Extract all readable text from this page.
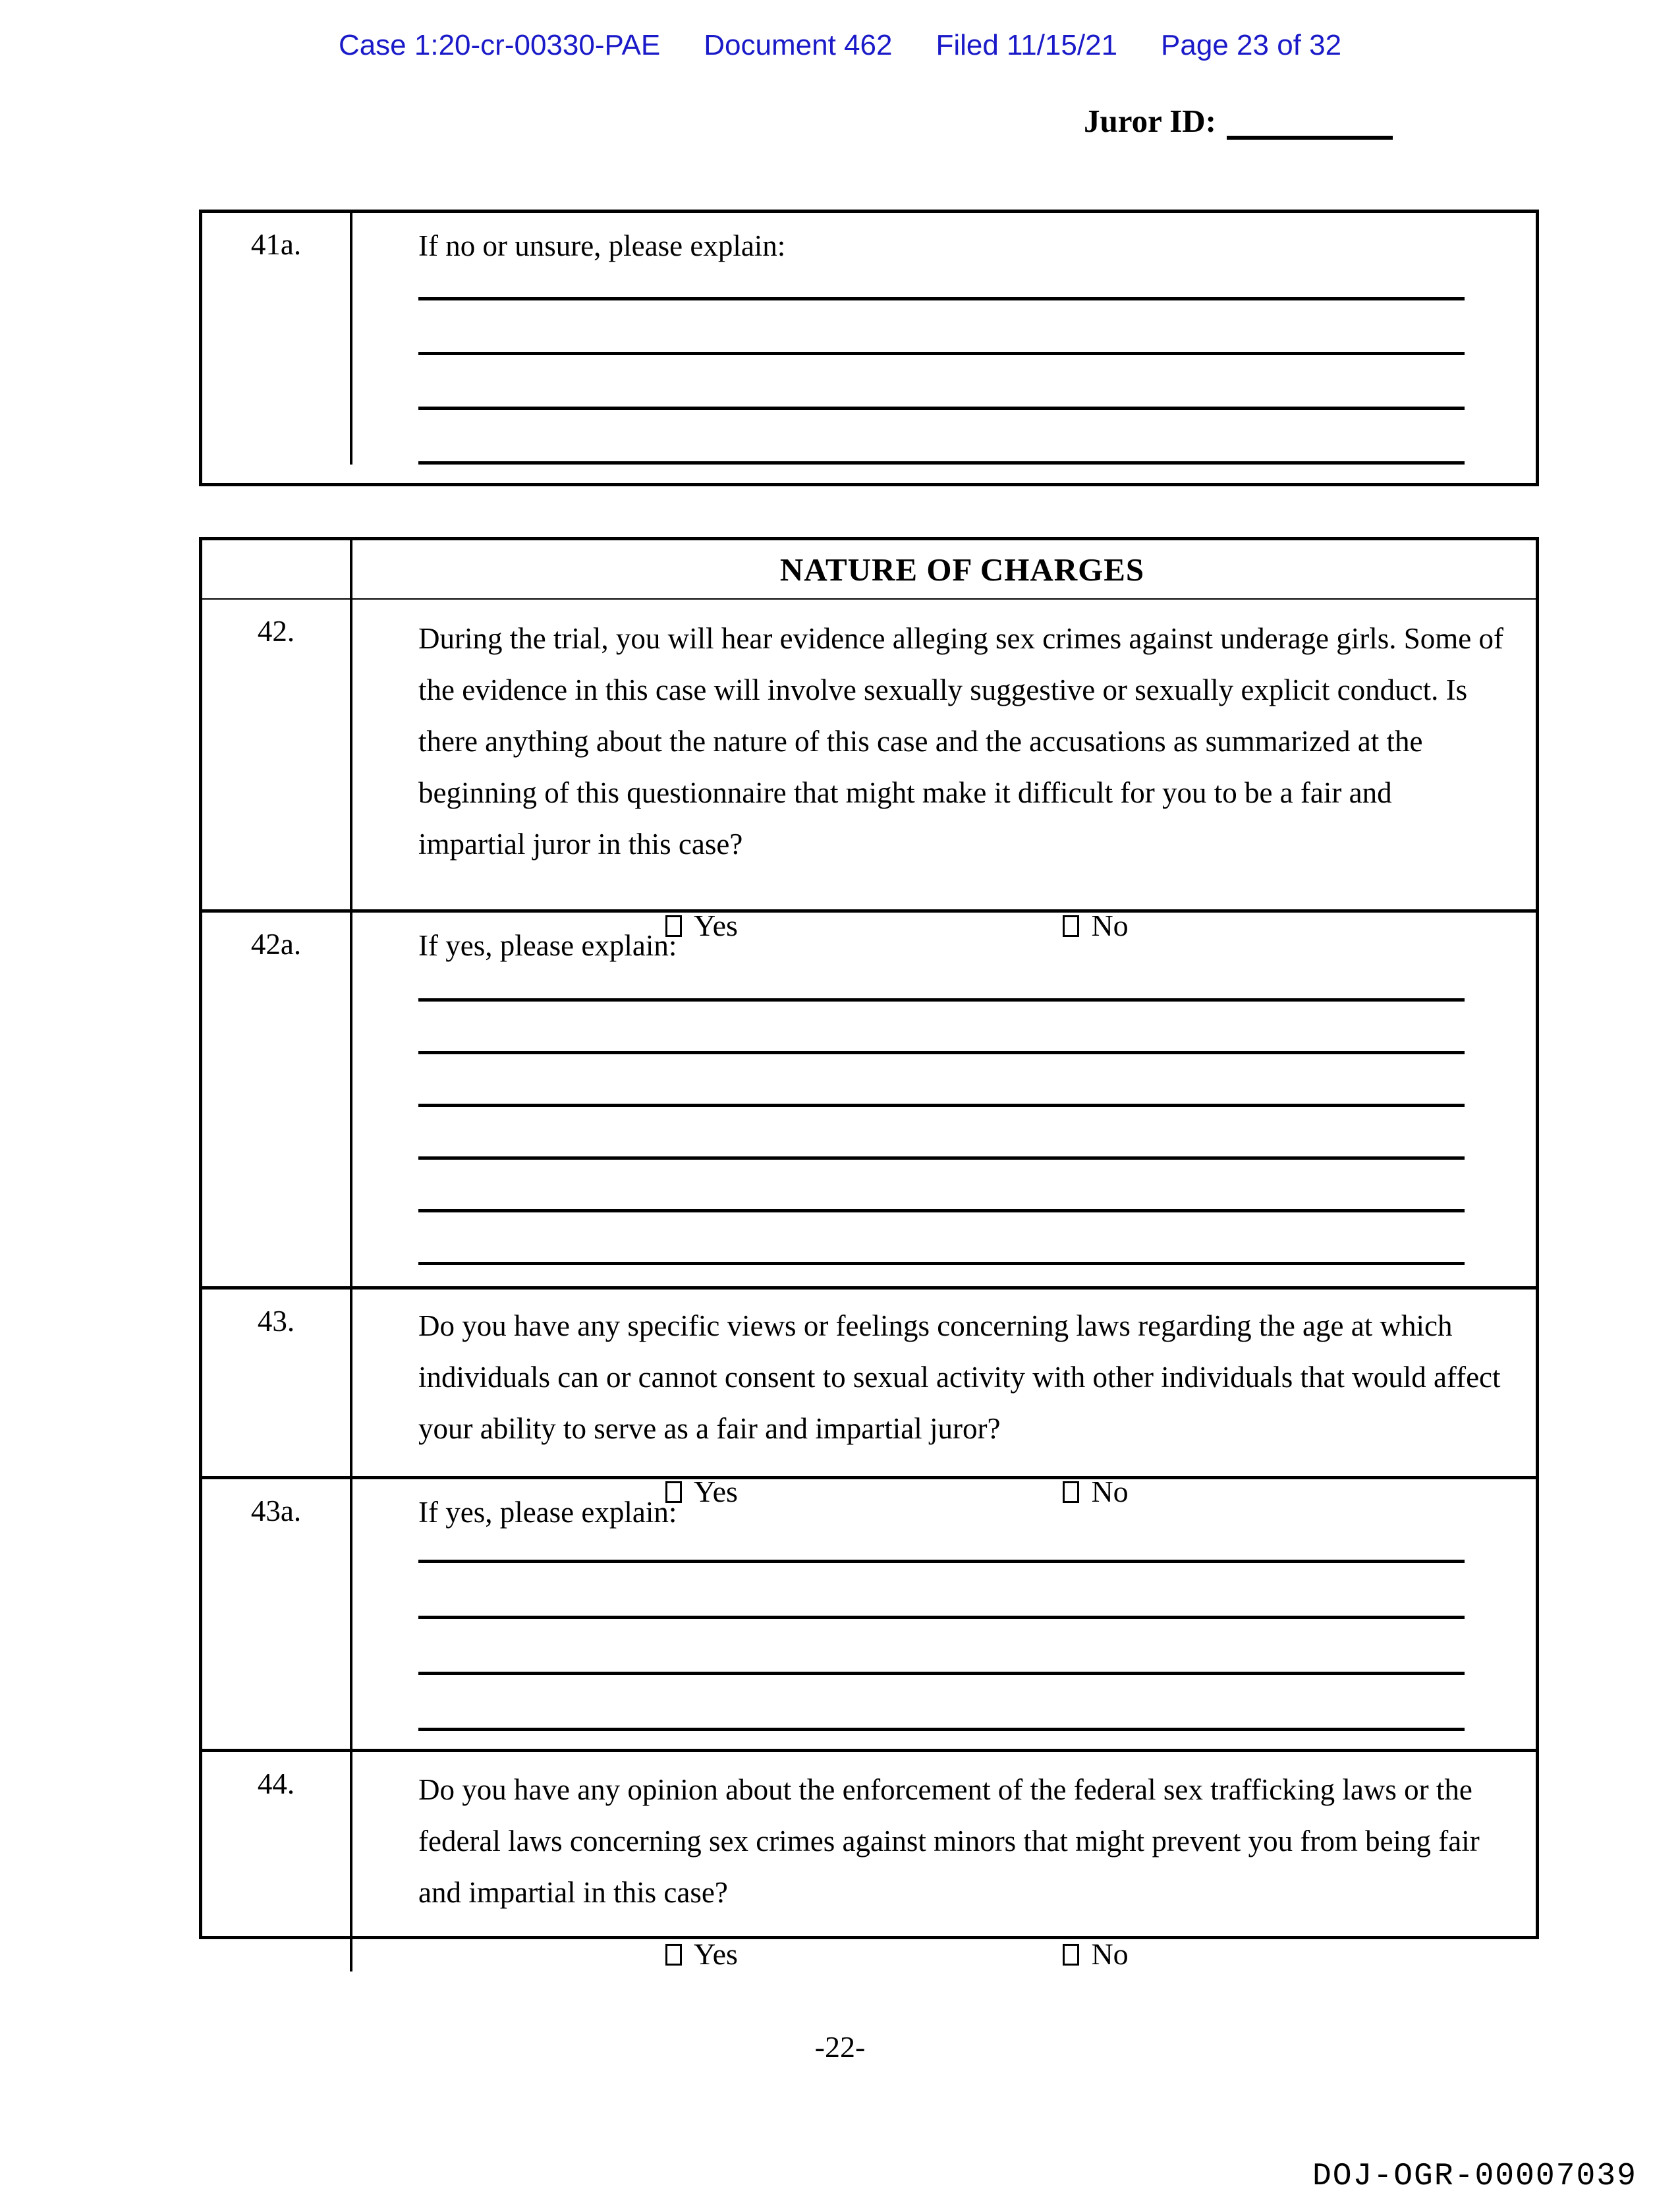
Case 1:20-cr-00330-PAE Document 462 Filed 11/15/21 Page 23 of 32
Juror ID:
41a.	If no or unsure, please explain:
NATURE OF CHARGES
42.	During the trial, you will hear evidence alleging sex crimes against underage girls. Some of the evidence in this case will involve sexually suggestive or sexually explicit conduct. Is there anything about the nature of this case and the accusations as summarized at the beginning of this questionnaire that might make it difficult for you to be a fair and impartial juror in this case?
Yes	No
42a.	If yes, please explain:
43.	Do you have any specific views or feelings concerning laws regarding the age at which individuals can or cannot consent to sexual activity with other individuals that would affect your ability to serve as a fair and impartial juror?
Yes	No
43a.	If yes, please explain:
44.	Do you have any opinion about the enforcement of the federal sex trafficking laws or the federal laws concerning sex crimes against minors that might prevent you from being fair and impartial in this case?
Yes	No
-22-
DOJ-OGR-00007039
